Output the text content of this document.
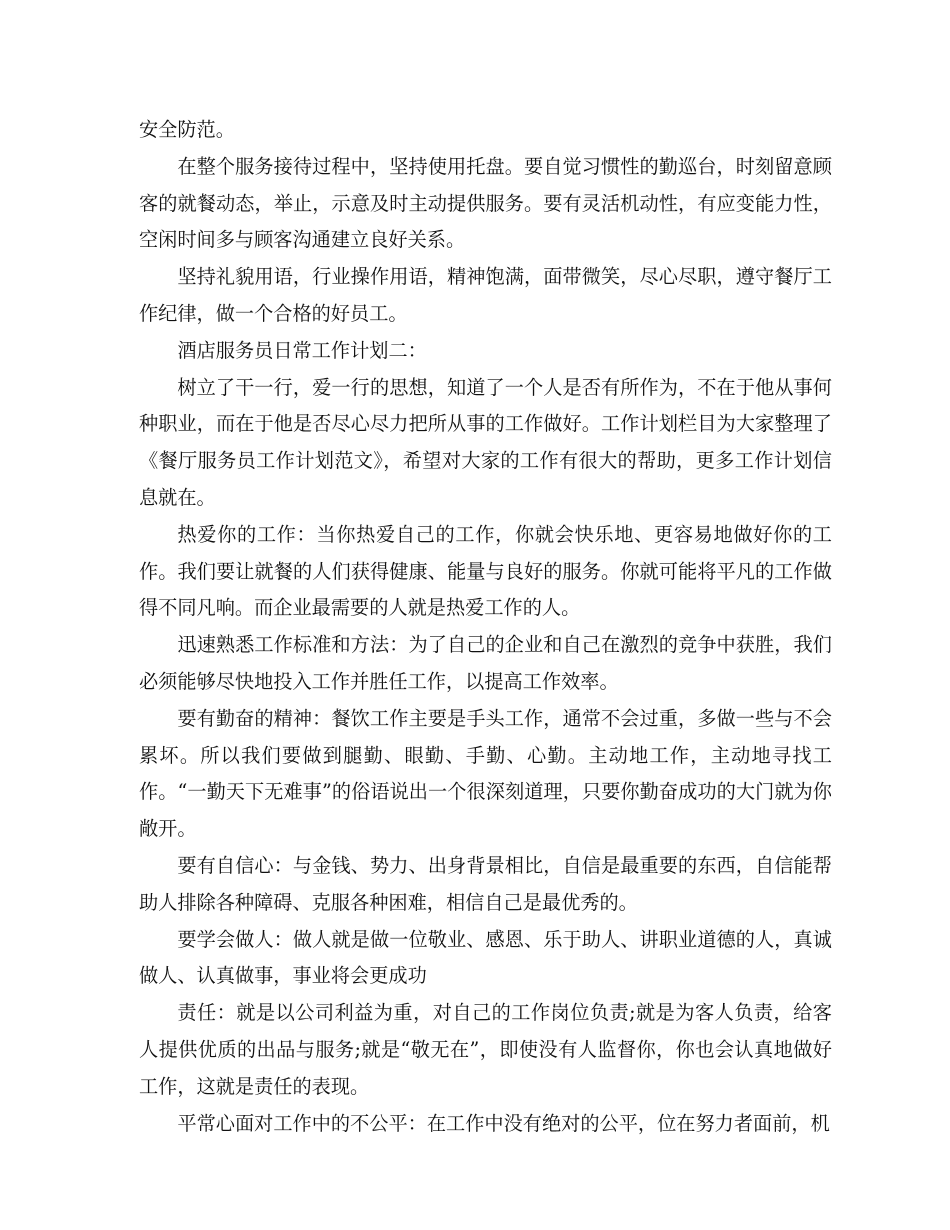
安全防范。

在整个服务接待过程中，坚持使用托盘。要自觉习惯性的勤巡台，时刻留意顾客的就餐动态，举止，示意及时主动提供服务。要有灵活机动性，有应变能力性，空闲时间多与顾客沟通建立良好关系。

坚持礼貌用语，行业操作用语，精神饱满，面带微笑，尽心尽职，遵守餐厅工作纪律，做一个合格的好员工。

酒店服务员日常工作计划二：

树立了干一行，爱一行的思想，知道了一个人是否有所作为，不在于他从事何种职业，而在于他是否尽心尽力把所从事的工作做好。工作计划栏目为大家整理了《餐厅服务员工作计划范文》，希望对大家的工作有很大的帮助，更多工作计划信息就在。

热爱你的工作：当你热爱自己的工作，你就会快乐地、更容易地做好你的工作。我们要让就餐的人们获得健康、能量与良好的服务。你就可能将平凡的工作做得不同凡响。而企业最需要的人就是热爱工作的人。

迅速熟悉工作标准和方法：为了自己的企业和自己在激烈的竞争中获胜，我们必须能够尽快地投入工作并胜任工作，以提高工作效率。

要有勤奋的精神：餐饮工作主要是手头工作，通常不会过重，多做一些与不会累坏。所以我们要做到腿勤、眼勤、手勤、心勤。主动地工作，主动地寻找工作。“一勤天下无难事”的俗语说出一个很深刻道理，只要你勤奋成功的大门就为你敞开。

要有自信心：与金钱、势力、出身背景相比，自信是最重要的东西，自信能帮助人排除各种障碍、克服各种困难，相信自己是最优秀的。

要学会做人：做人就是做一位敬业、感恩、乐于助人、讲职业道德的人，真诚做人、认真做事，事业将会更成功

责任：就是以公司利益为重，对自己的工作岗位负责;就是为客人负责，给客人提供优质的出品与服务;就是“敬无在”，即使没有人监督你，你也会认真地做好工作，这就是责任的表现。

平常心面对工作中的不公平：在工作中没有绝对的公平，位在努力者面前，机
